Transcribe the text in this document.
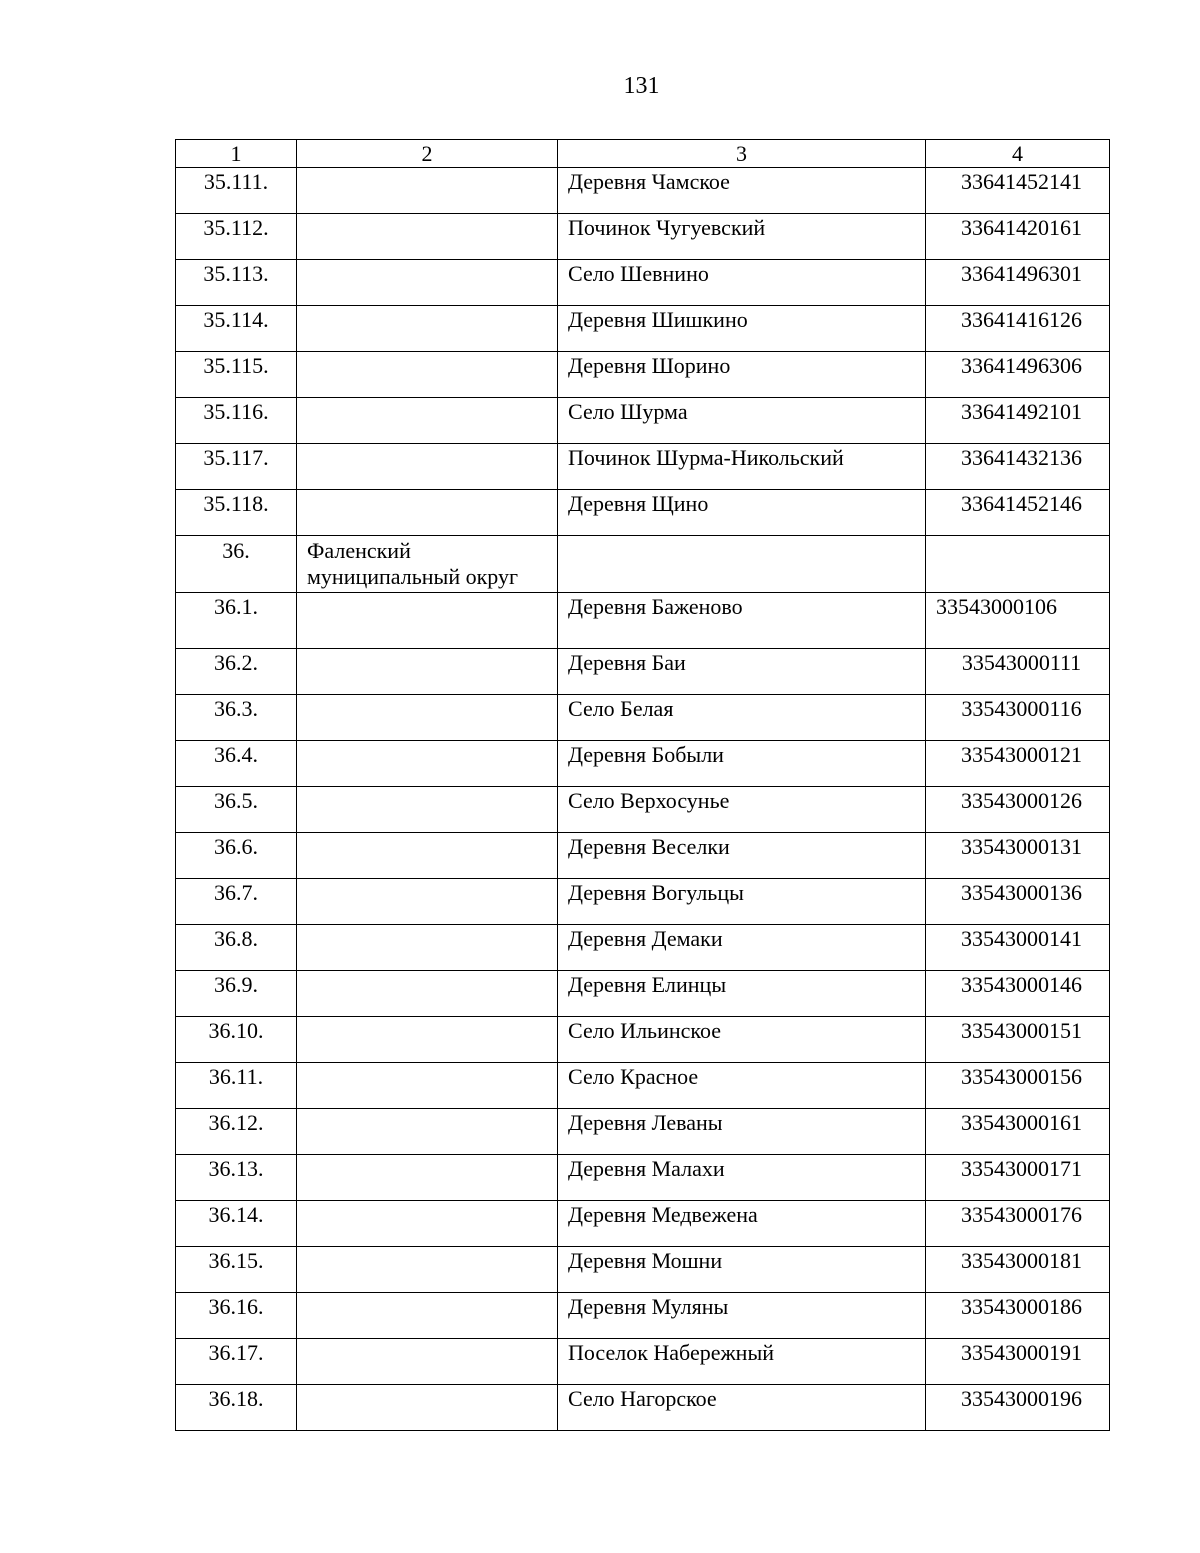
131
1	2	3	4
35.111.		Деревня Чамское	33641452141
35.112.		Починок Чугуевский	33641420161
35.113.		Село Шевнино	33641496301
35.114.		Деревня Шишкино	33641416126
35.115.		Деревня Шорино	33641496306
35.116.		Село Шурма	33641492101
35.117.		Починок Шурма-Никольский	33641432136
35.118.		Деревня Щино	33641452146
36.	Фаленский муниципальный округ		
36.1.		Деревня Баженово	33543000106
36.2.		Деревня Баи	33543000111
36.3.		Село Белая	33543000116
36.4.		Деревня Бобыли	33543000121
36.5.		Село Верхосунье	33543000126
36.6.		Деревня Веселки	33543000131
36.7.		Деревня Вогульцы	33543000136
36.8.		Деревня Демаки	33543000141
36.9.		Деревня Елинцы	33543000146
36.10.		Село Ильинское	33543000151
36.11.		Село Красное	33543000156
36.12.		Деревня Леваны	33543000161
36.13.		Деревня Малахи	33543000171
36.14.		Деревня Медвежена	33543000176
36.15.		Деревня Мошни	33543000181
36.16.		Деревня Муляны	33543000186
36.17.		Поселок Набережный	33543000191
36.18.		Село Нагорское	33543000196
